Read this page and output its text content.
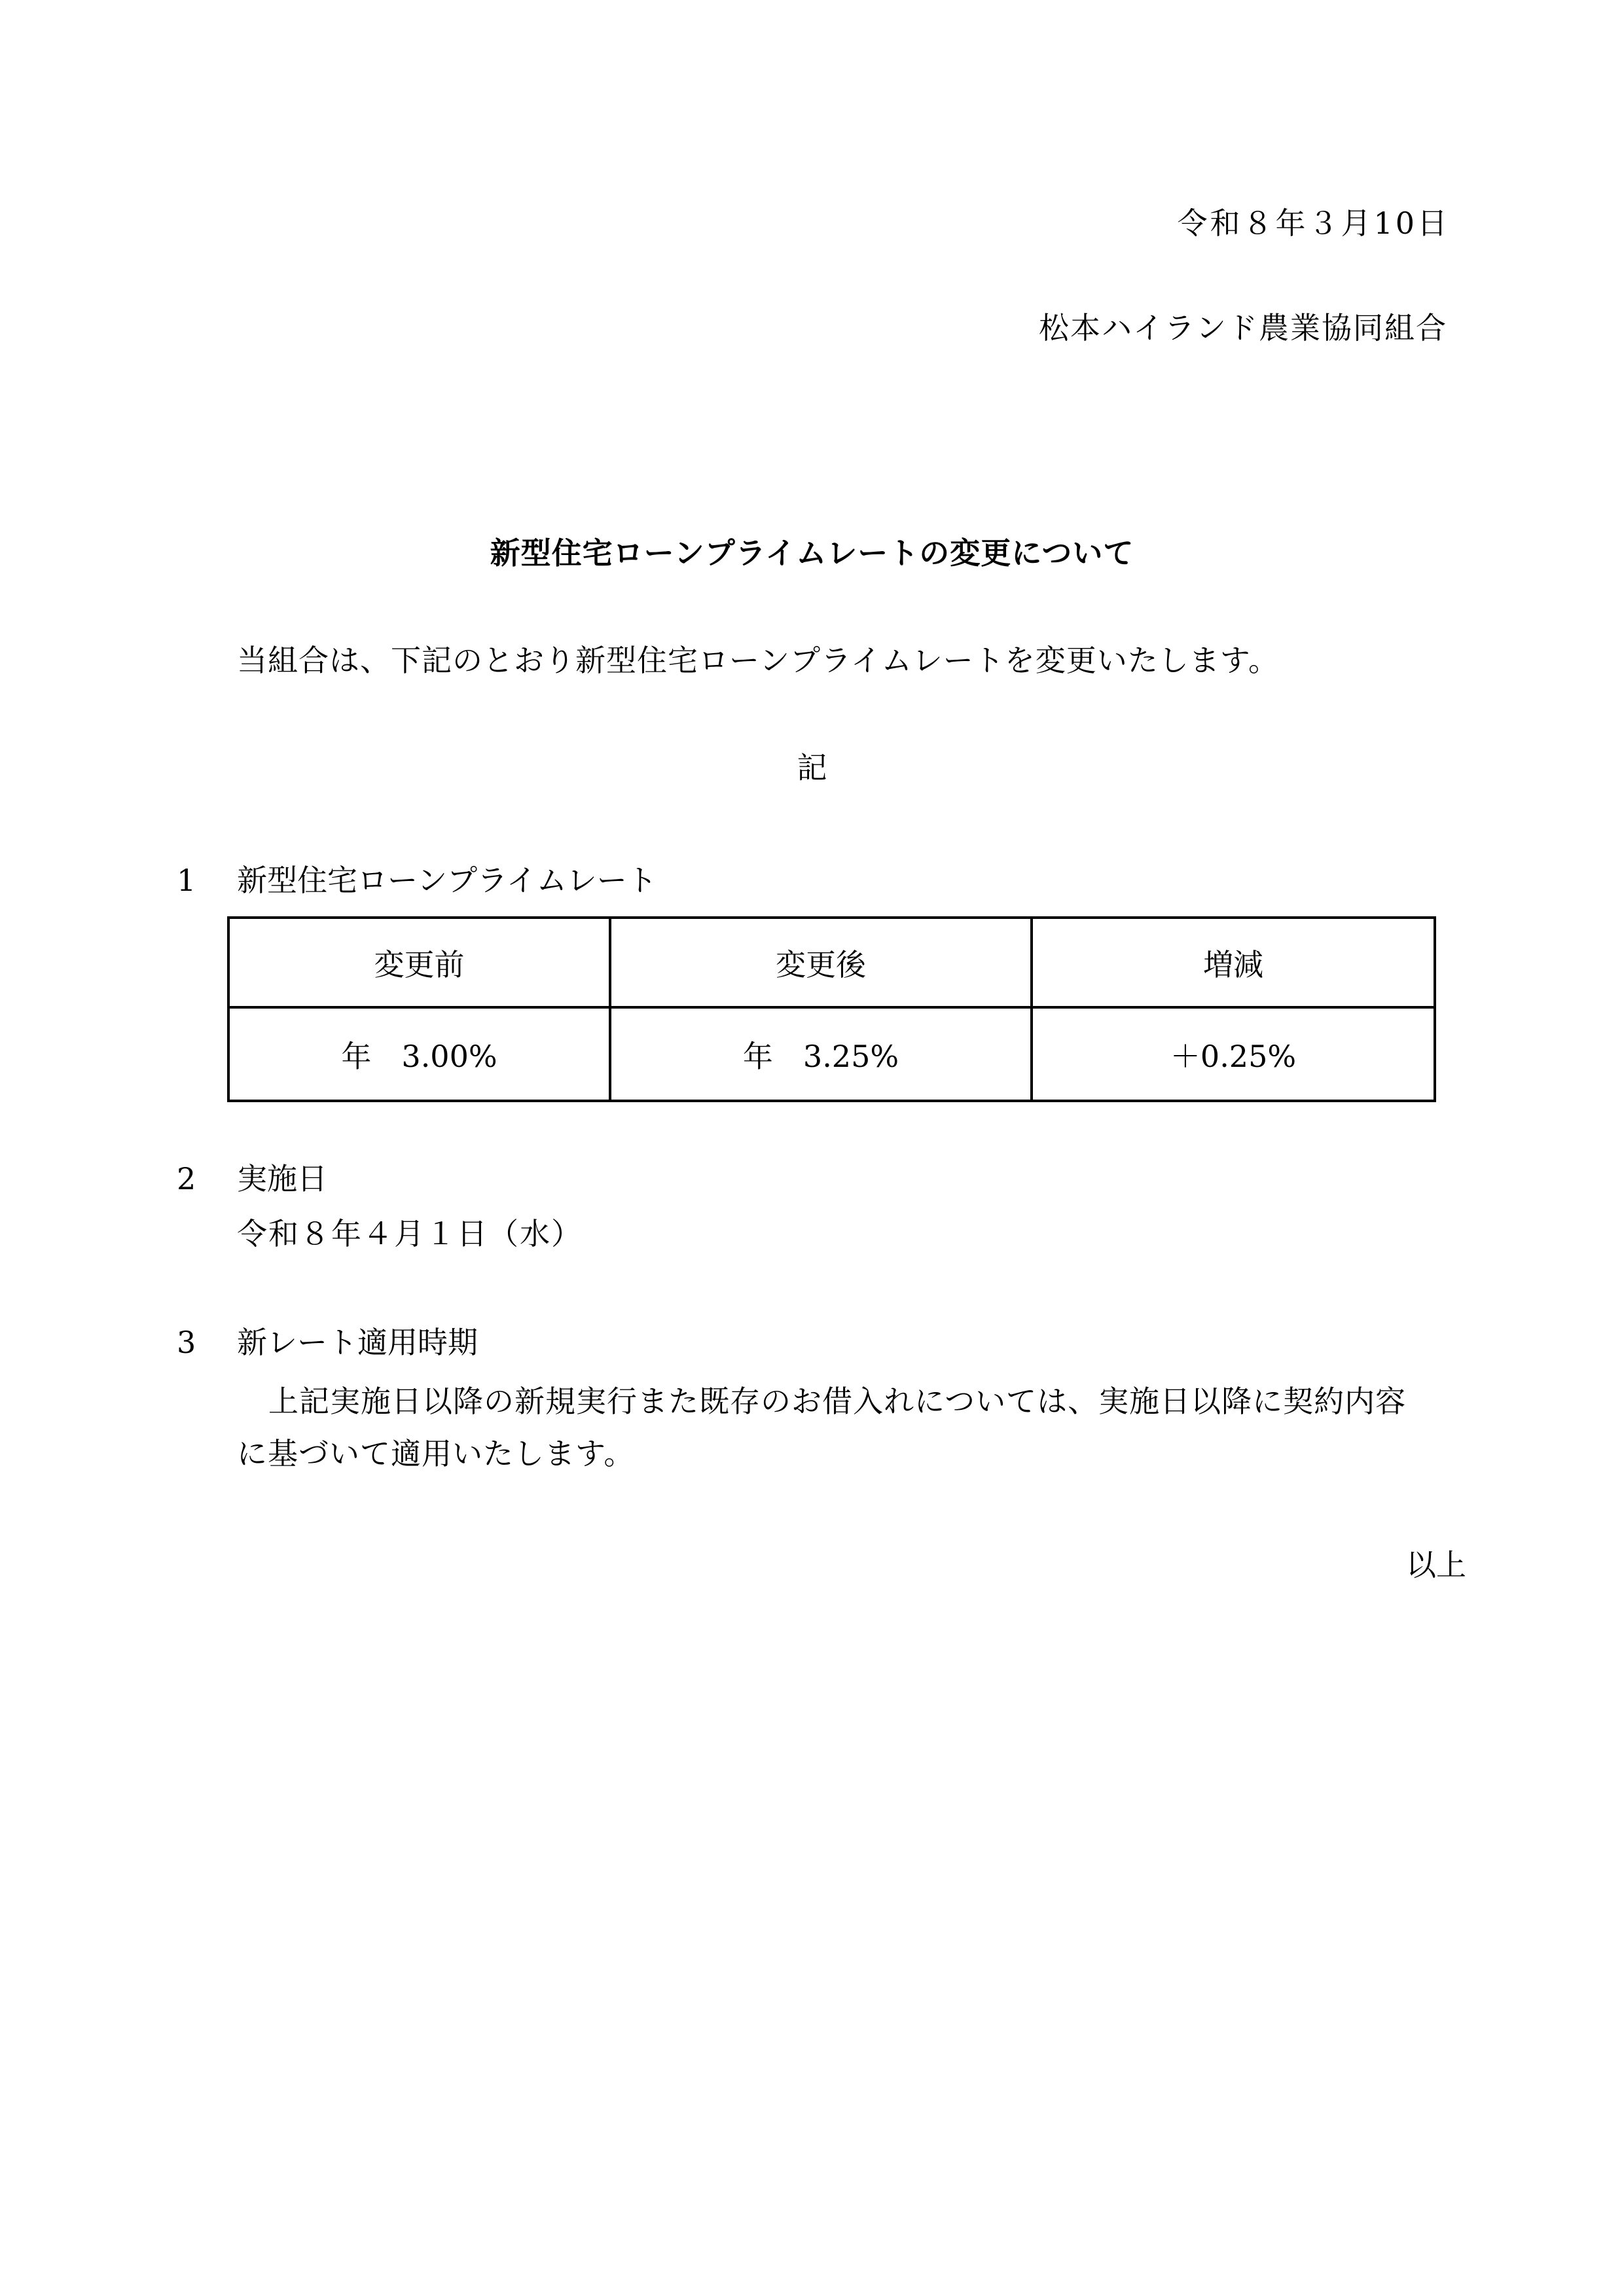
令和８年３月10日
松本ハイランド農業協同組合
新型住宅ローンプライムレートの変更について
当組合は、下記のとおり新型住宅ローンプライムレートを変更いたします。
記
1 新型住宅ローンプライムレート
変更前	変更後	増減
年　3.00%	年　3.25%	＋0.25%
2 実施日
令和８年４月１日（水）
3 新レート適用時期
上記実施日以降の新規実行また既存のお借入れについては、実施日以降に契約内容
に基づいて適用いたします。
以上
